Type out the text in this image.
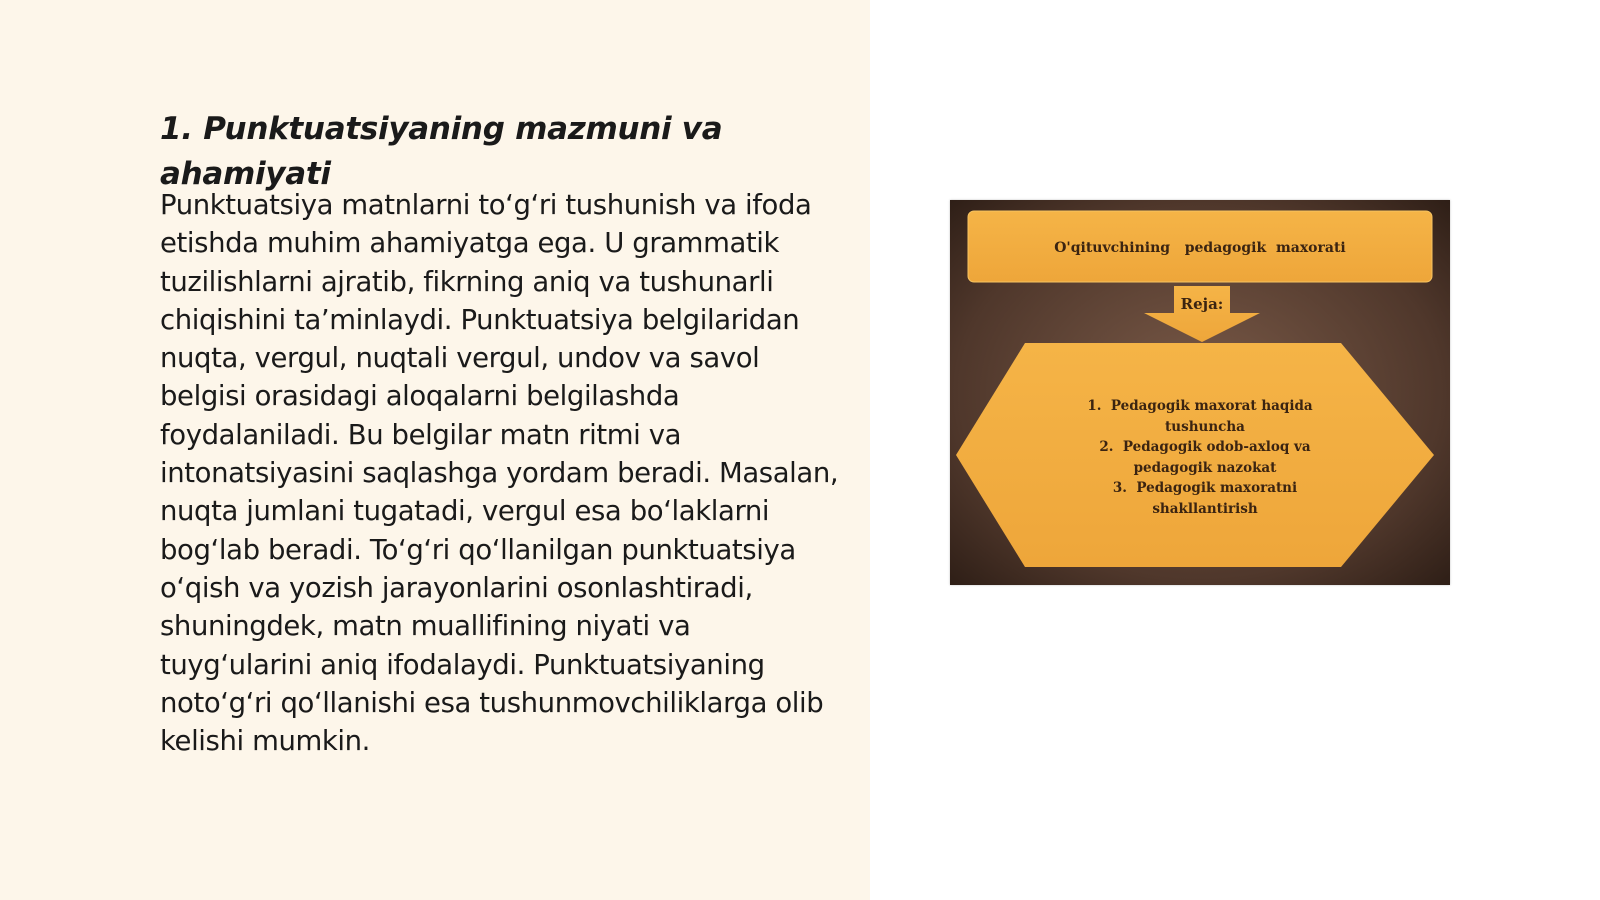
1. Punktuatsiyaning mazmuni va ahamiyati

Punktuatsiya matnlarni to‘g‘ri tushunish va ifoda etishda muhim ahamiyatga ega. U grammatik tuzilishlarni ajratib, fikrning aniq va tushunarli chiqishini ta’minlaydi. Punktuatsiya belgilaridan nuqta, vergul, nuqtali vergul, undov va savol belgisi orasidagi aloqalarni belgilashda foydalaniladi. Bu belgilar matn ritmi va intonatsiyasini saqlashga yordam beradi. Masalan, nuqta jumlani tugatadi, vergul esa bo‘laklarni bog‘lab beradi. To‘g‘ri qo‘llanilgan punktuatsiya o‘qish va yozish jarayonlarini osonlashtiradi, shuningdek, matn muallifining niyati va tuyg‘ularini aniq ifodalaydi. Punktuatsiyaning noto‘g‘ri qo‘llanishi esa tushunmovchiliklarga olib kelishi mumkin.

O'qituvchining   pedagogik  maxorati
Reja:
1.  Pedagogik maxorat haqida
tushuncha
2.  Pedagogik odob-axloq va
pedagogik nazokat
3.  Pedagogik maxoratni
shakllantirish
